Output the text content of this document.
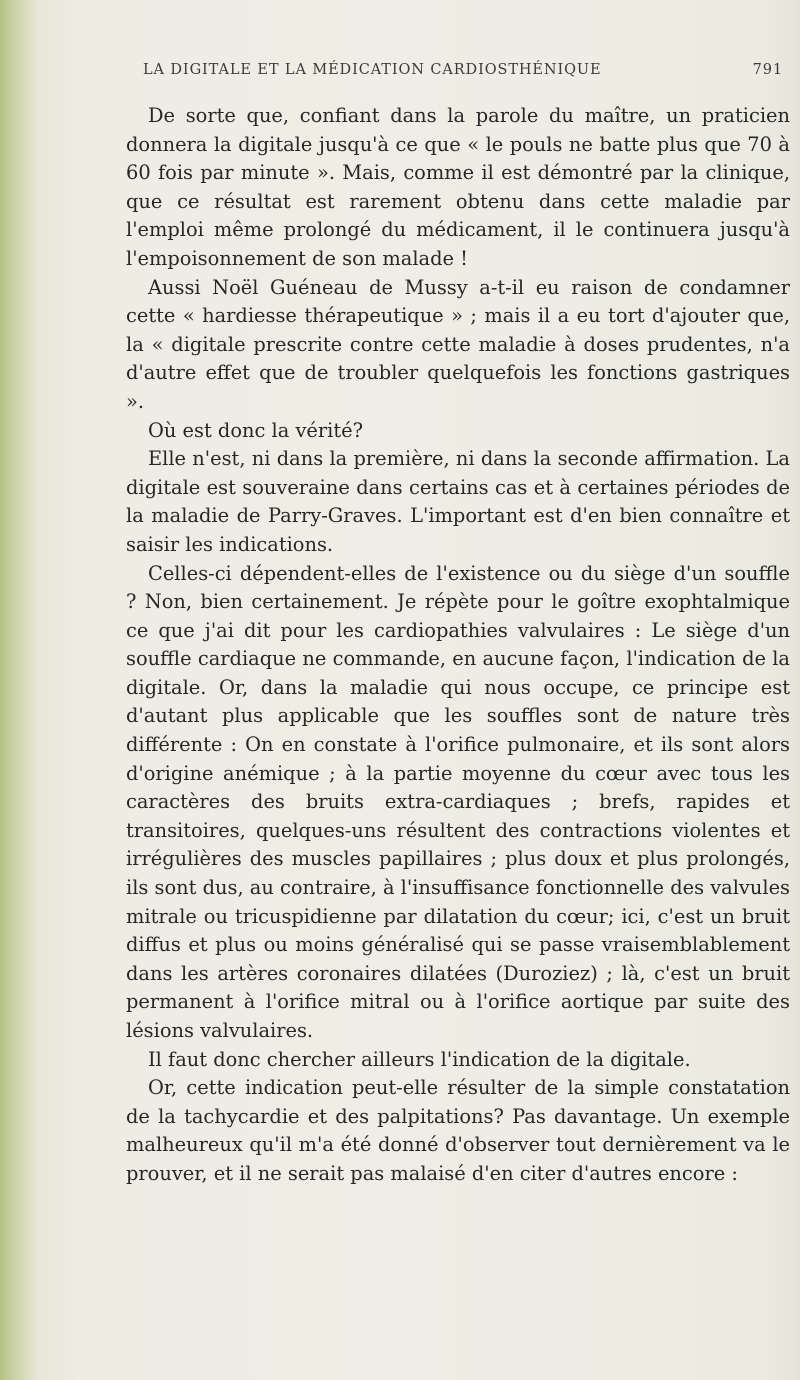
LA DIGITALE ET LA MÉDICATION CARDIOSTHÉNIQUE	791

De sorte que, confiant dans la parole du maître, un praticien donnera la digitale jusqu'à ce que « le pouls ne batte plus que 70 à 60 fois par minute ». Mais, comme il est démontré par la clinique, que ce résultat est rarement obtenu dans cette maladie par l'emploi même prolongé du médicament, il le continuera jusqu'à l'empoisonnement de son malade !

Aussi Noël Guéneau de Mussy a-t-il eu raison de condamner cette « hardiesse thérapeutique » ; mais il a eu tort d'ajouter que, la « digitale prescrite contre cette maladie à doses prudentes, n'a d'autre effet que de troubler quelquefois les fonctions gastriques ».

Où est donc la vérité?

Elle n'est, ni dans la première, ni dans la seconde affirmation. La digitale est souveraine dans certains cas et à certaines périodes de la maladie de Parry-Graves. L'important est d'en bien connaître et saisir les indications.

Celles-ci dépendent-elles de l'existence ou du siège d'un souffle ? Non, bien certainement. Je répète pour le goître exophtalmique ce que j'ai dit pour les cardiopathies valvulaires : Le siège d'un souffle cardiaque ne commande, en aucune façon, l'indication de la digitale. Or, dans la maladie qui nous occupe, ce principe est d'autant plus applicable que les souffles sont de nature très différente : On en constate à l'orifice pulmonaire, et ils sont alors d'origine anémique ; à la partie moyenne du cœur avec tous les caractères des bruits extra-cardiaques ; brefs, rapides et transitoires, quelques-uns résultent des contractions violentes et irrégulières des muscles papillaires ; plus doux et plus prolongés, ils sont dus, au contraire, à l'insuffisance fonctionnelle des valvules mitrale ou tricuspidienne par dilatation du cœur; ici, c'est un bruit diffus et plus ou moins généralisé qui se passe vraisemblablement dans les artères coronaires dilatées (Duroziez) ; là, c'est un bruit permanent à l'orifice mitral ou à l'orifice aortique par suite des lésions valvulaires.

Il faut donc chercher ailleurs l'indication de la digitale.

Or, cette indication peut-elle résulter de la simple constatation de la tachycardie et des palpitations? Pas davantage. Un exemple malheureux qu'il m'a été donné d'observer tout dernièrement va le prouver, et il ne serait pas malaisé d'en citer d'autres encore :
